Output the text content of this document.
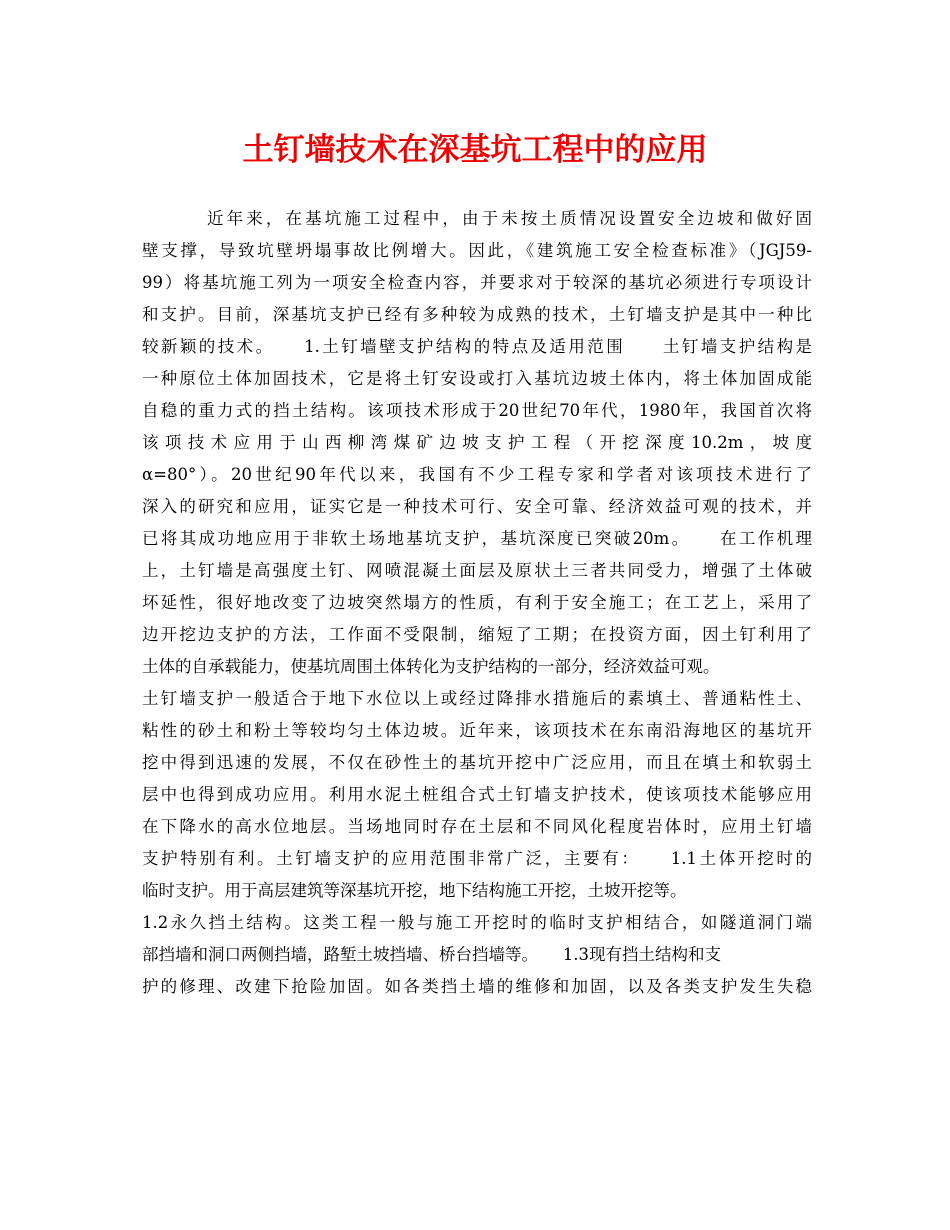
土钉墙技术在深基坑工程中的应用
近年来，在基坑施工过程中，由于未按土质情况设置安全边坡和做好固
壁支撑，导致坑壁坍塌事故比例增大。因此，《建筑施工安全检查标准》（JGJ59-
99）将基坑施工列为一项安全检查内容，并要求对于较深的基坑必须进行专项设计
和支护。目前，深基坑支护已经有多种较为成熟的技术，土钉墙支护是其中一种比
较新颖的技术。　　1.土钉墙壁支护结构的特点及适用范围　　土钉墙支护结构是
一种原位土体加固技术，它是将土钉安设或打入基坑边坡土体内，将土体加固成能
自稳的重力式的挡土结构。该项技术形成于20世纪70年代，1980年，我国首次将
该项技术应用于山西柳湾煤矿边坡支护工程（开挖深度10.2m，坡度
α=80°）。20世纪90年代以来，我国有不少工程专家和学者对该项技术进行了
深入的研究和应用，证实它是一种技术可行、安全可靠、经济效益可观的技术，并
已将其成功地应用于非软土场地基坑支护，基坑深度已突破20m。　　在工作机理
上，土钉墙是高强度土钉、网喷混凝土面层及原状土三者共同受力，增强了土体破
坏延性，很好地改变了边坡突然塌方的性质，有利于安全施工；在工艺上，采用了
边开挖边支护的方法，工作面不受限制，缩短了工期；在投资方面，因土钉利用了
土体的自承载能力，使基坑周围土体转化为支护结构的一部分，经济效益可观。
土钉墙支护一般适合于地下水位以上或经过降排水措施后的素填土、普通粘性土、
粘性的砂土和粉土等较均匀土体边坡。近年来，该项技术在东南沿海地区的基坑开
挖中得到迅速的发展，不仅在砂性土的基坑开挖中广泛应用，而且在填土和软弱土
层中也得到成功应用。利用水泥土桩组合式土钉墙支护技术，使该项技术能够应用
在下降水的高水位地层。当场地同时存在土层和不同风化程度岩体时，应用土钉墙
支护特别有利。土钉墙支护的应用范围非常广泛，主要有：　　1.1土体开挖时的
临时支护。用于高层建筑等深基坑开挖，地下结构施工开挖，土坡开挖等。
1.2永久挡土结构。这类工程一般与施工开挖时的临时支护相结合，如隧道洞门端
部挡墙和洞口两侧挡墙，路堑土坡挡墙、桥台挡墙等。　　1.3现有挡土结构和支
护的修理、改建下抢险加固。如各类挡土墙的维修和加固，以及各类支护发生失稳
